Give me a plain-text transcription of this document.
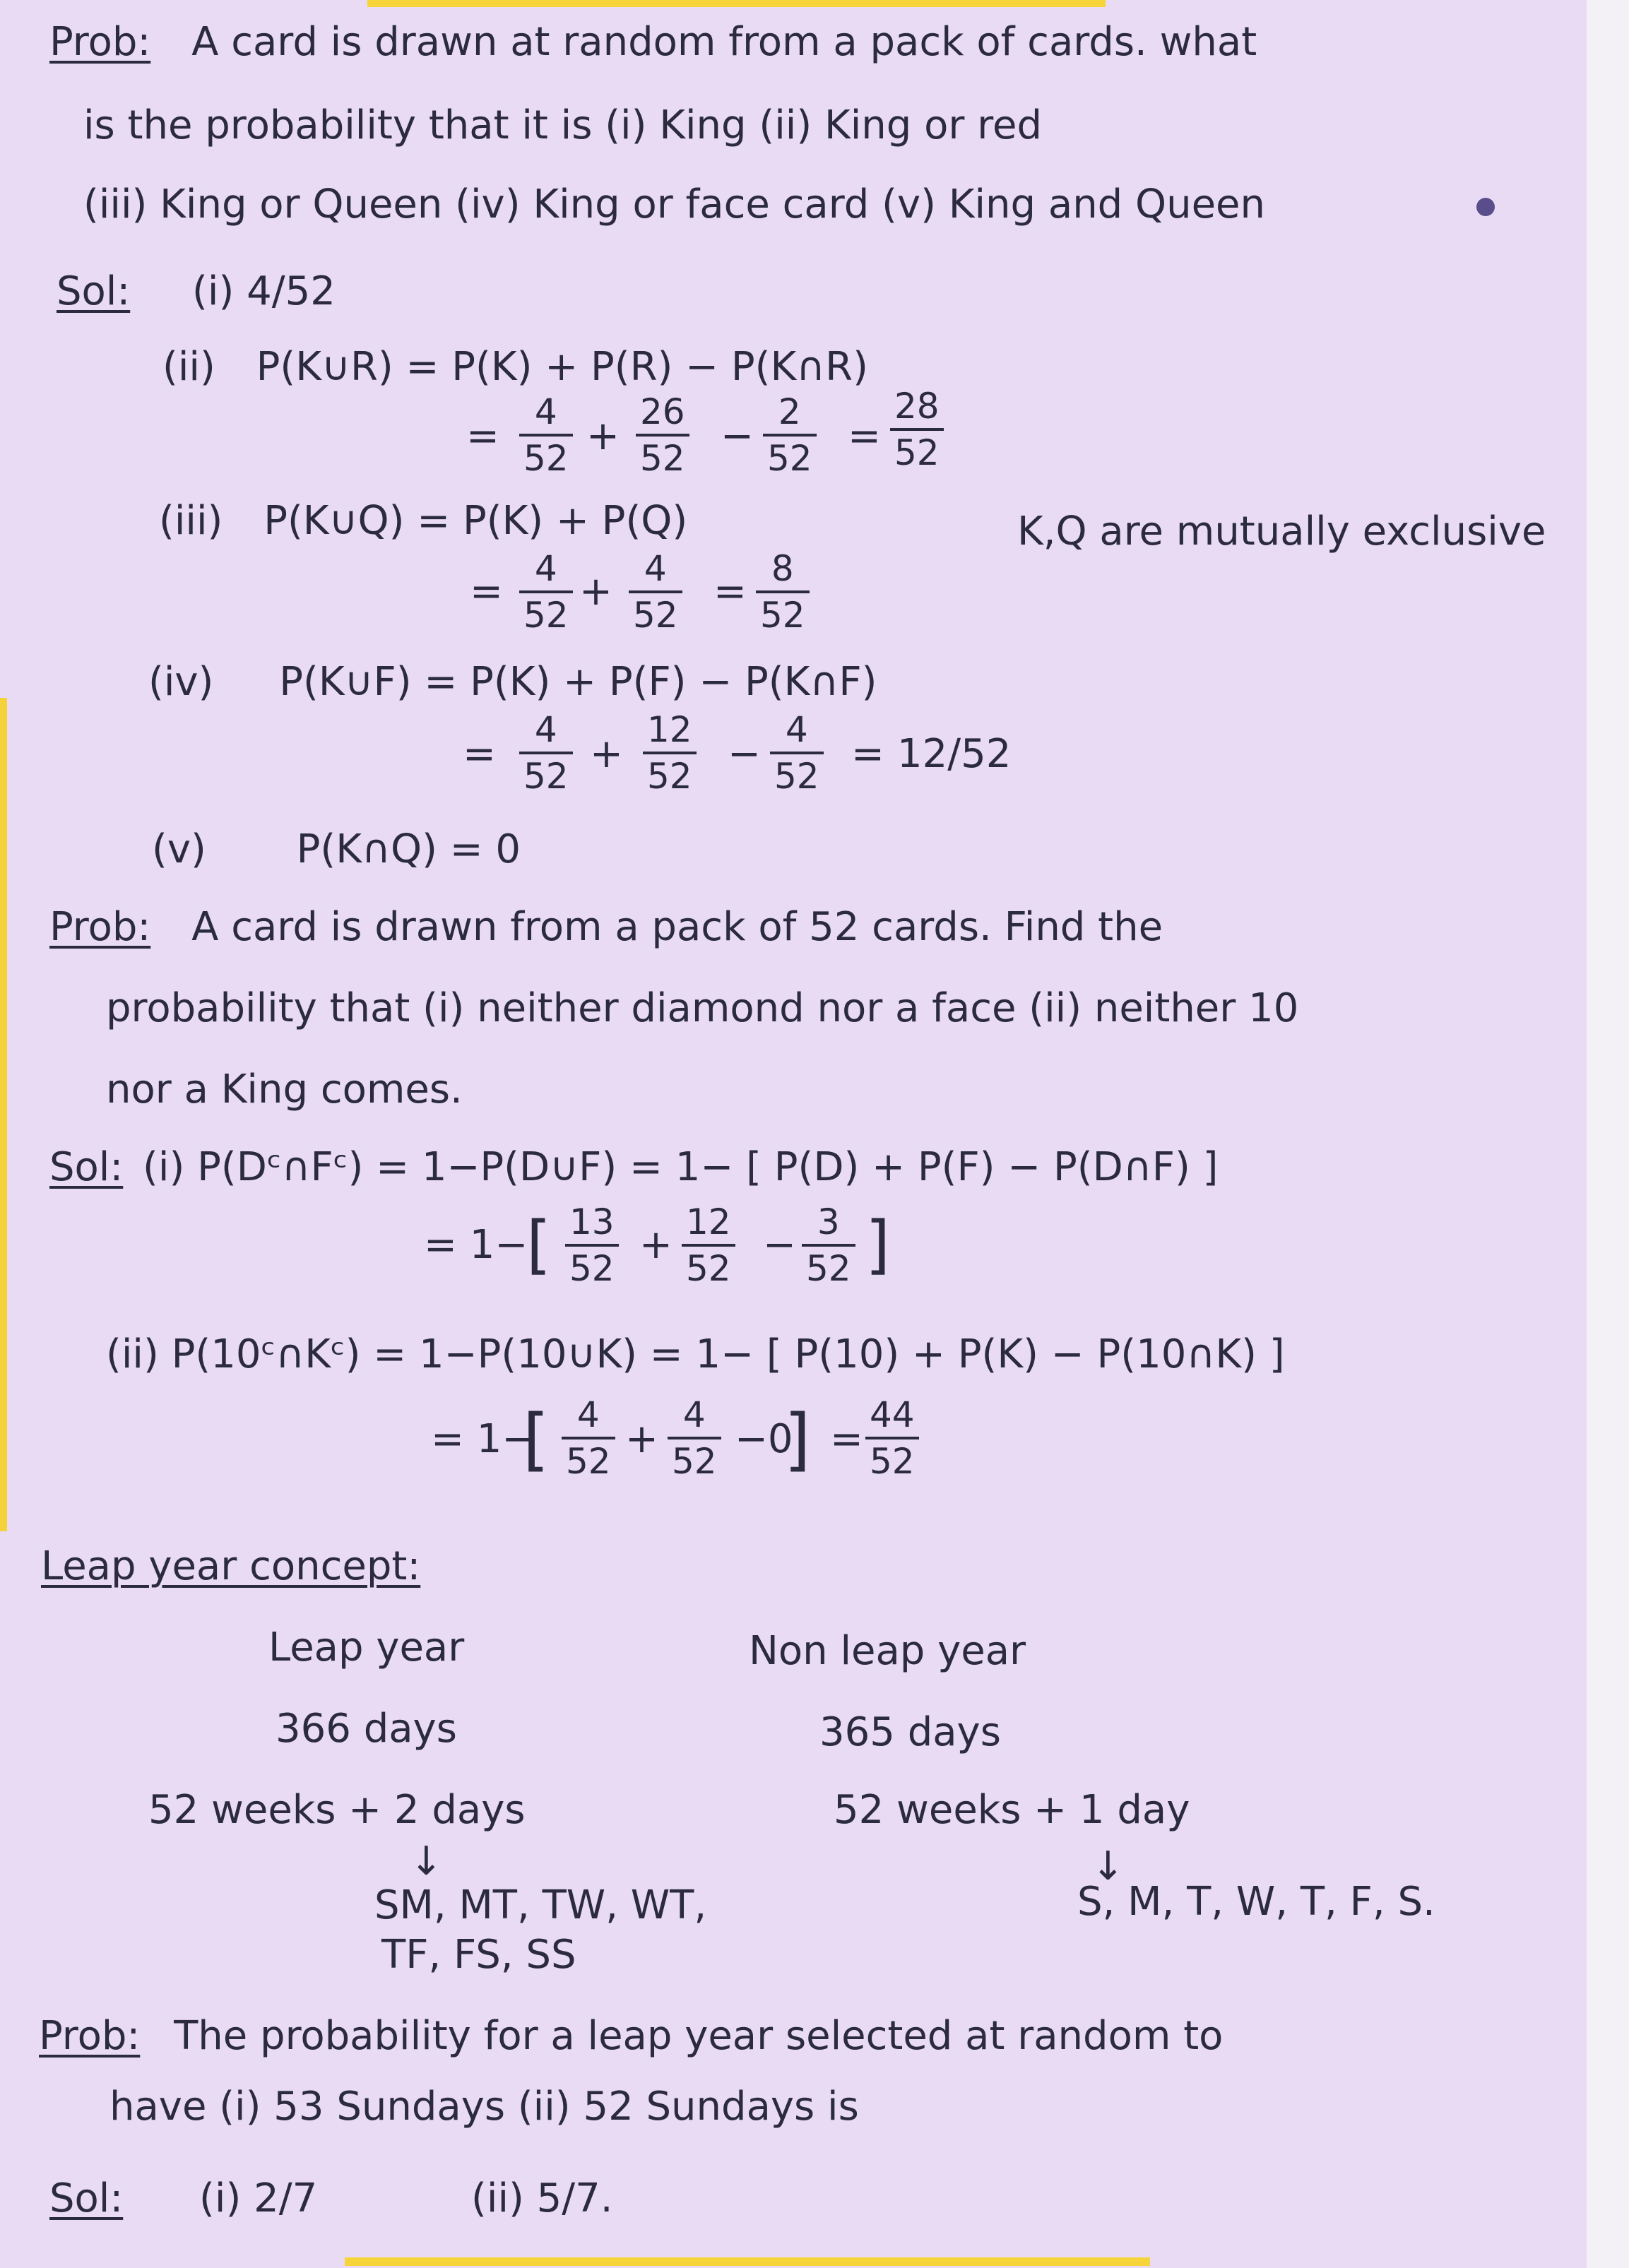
Prob: A card is drawn at random from a pack of cards. what
is the probability that it is (i) King (ii) King or red
(iii) King or Queen (iv) King or face card (v) King and Queen
Sol: (i) 4/52
(ii) P(K∪R) = P(K) + P(R) − P(K∩R)
= $\frac{4}{52} + \frac{26}{52} - \frac{2}{52} = \frac{28}{52}$
(iii) P(K∪Q) = P(K) + P(Q)	K,Q are mutually exclusive
= $\frac{4}{52} + \frac{4}{52} = \frac{8}{52}$
(iv) P(K∪F) = P(K) + P(F) − P(K∩F)
= $\frac{4}{52} + \frac{12}{52} - \frac{4}{52} = 12/52$
(v) P(K∩Q) = 0
Prob: A card is drawn from a pack of 52 cards. Find the
probability that (i) neither diamond nor a face (ii) neither 10
nor a King comes.
Sol: (i) P(Dᶜ∩Fᶜ) = 1−P(D∪F) = 1− [ P(D) + P(F) − P(D∩F) ]
= 1−
[ $\frac{13}{52} + \frac{12}{52} - \frac{3}{52}$ ]
(ii) P(10ᶜ∩Kᶜ) = 1−P(10∪K) = 1− [ P(10) + P(K) − P(10∩K) ]
= 1−
[ $\frac{4}{52} + \frac{4}{52} -0$
] = $\frac{44}{52}$
Leap year concept:
Leap year	Non leap year
366 days	365 days
52 weeks + 2 days	52 weeks + 1 day
↓	↓
SM, MT, TW, WT,
TF, FS, SS
S, M, T, W, T, F, S.
Prob: The probability for a leap year selected at random to
have (i) 53 Sundays (ii) 52 Sundays is
Sol: (i) 2/7	(ii) 5/7.
